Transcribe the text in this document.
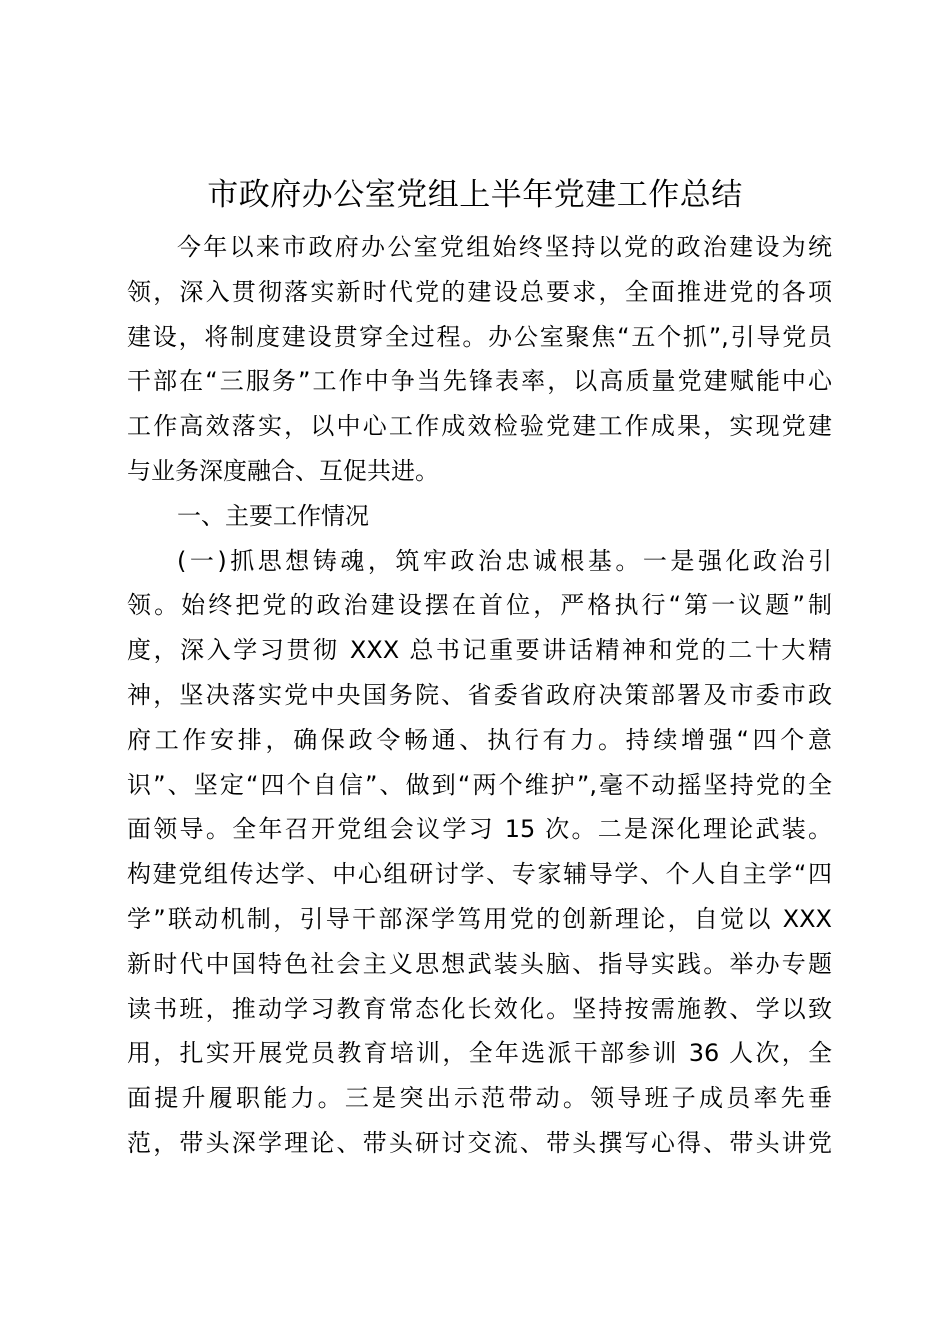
市政府办公室党组上半年党建工作总结
今年以来市政府办公室党组始终坚持以党的政治建设为统
领，深入贯彻落实新时代党的建设总要求，全面推进党的各项
建设，将制度建设贯穿全过程。办公室聚焦“五个抓”,引导党员
干部在“三服务”工作中争当先锋表率，以高质量党建赋能中心
工作高效落实，以中心工作成效检验党建工作成果，实现党建
与业务深度融合、互促共进。
一、主要工作情况
(一)抓思想铸魂，筑牢政治忠诚根基。一是强化政治引
领。始终把党的政治建设摆在首位，严格执行“第一议题”制
度，深入学习贯彻 XXX 总书记重要讲话精神和党的二十大精
神，坚决落实党中央国务院、省委省政府决策部署及市委市政
府工作安排，确保政令畅通、执行有力。持续增强“四个意
识”、坚定“四个自信”、做到“两个维护”,毫不动摇坚持党的全
面领导。全年召开党组会议学习 15 次。二是深化理论武装。
构建党组传达学、中心组研讨学、专家辅导学、个人自主学“四
学”联动机制，引导干部深学笃用党的创新理论，自觉以 XXX
新时代中国特色社会主义思想武装头脑、指导实践。举办专题
读书班，推动学习教育常态化长效化。坚持按需施教、学以致
用，扎实开展党员教育培训，全年选派干部参训 36 人次，全
面提升履职能力。三是突出示范带动。领导班子成员率先垂
范，带头深学理论、带头研讨交流、带头撰写心得、带头讲党
